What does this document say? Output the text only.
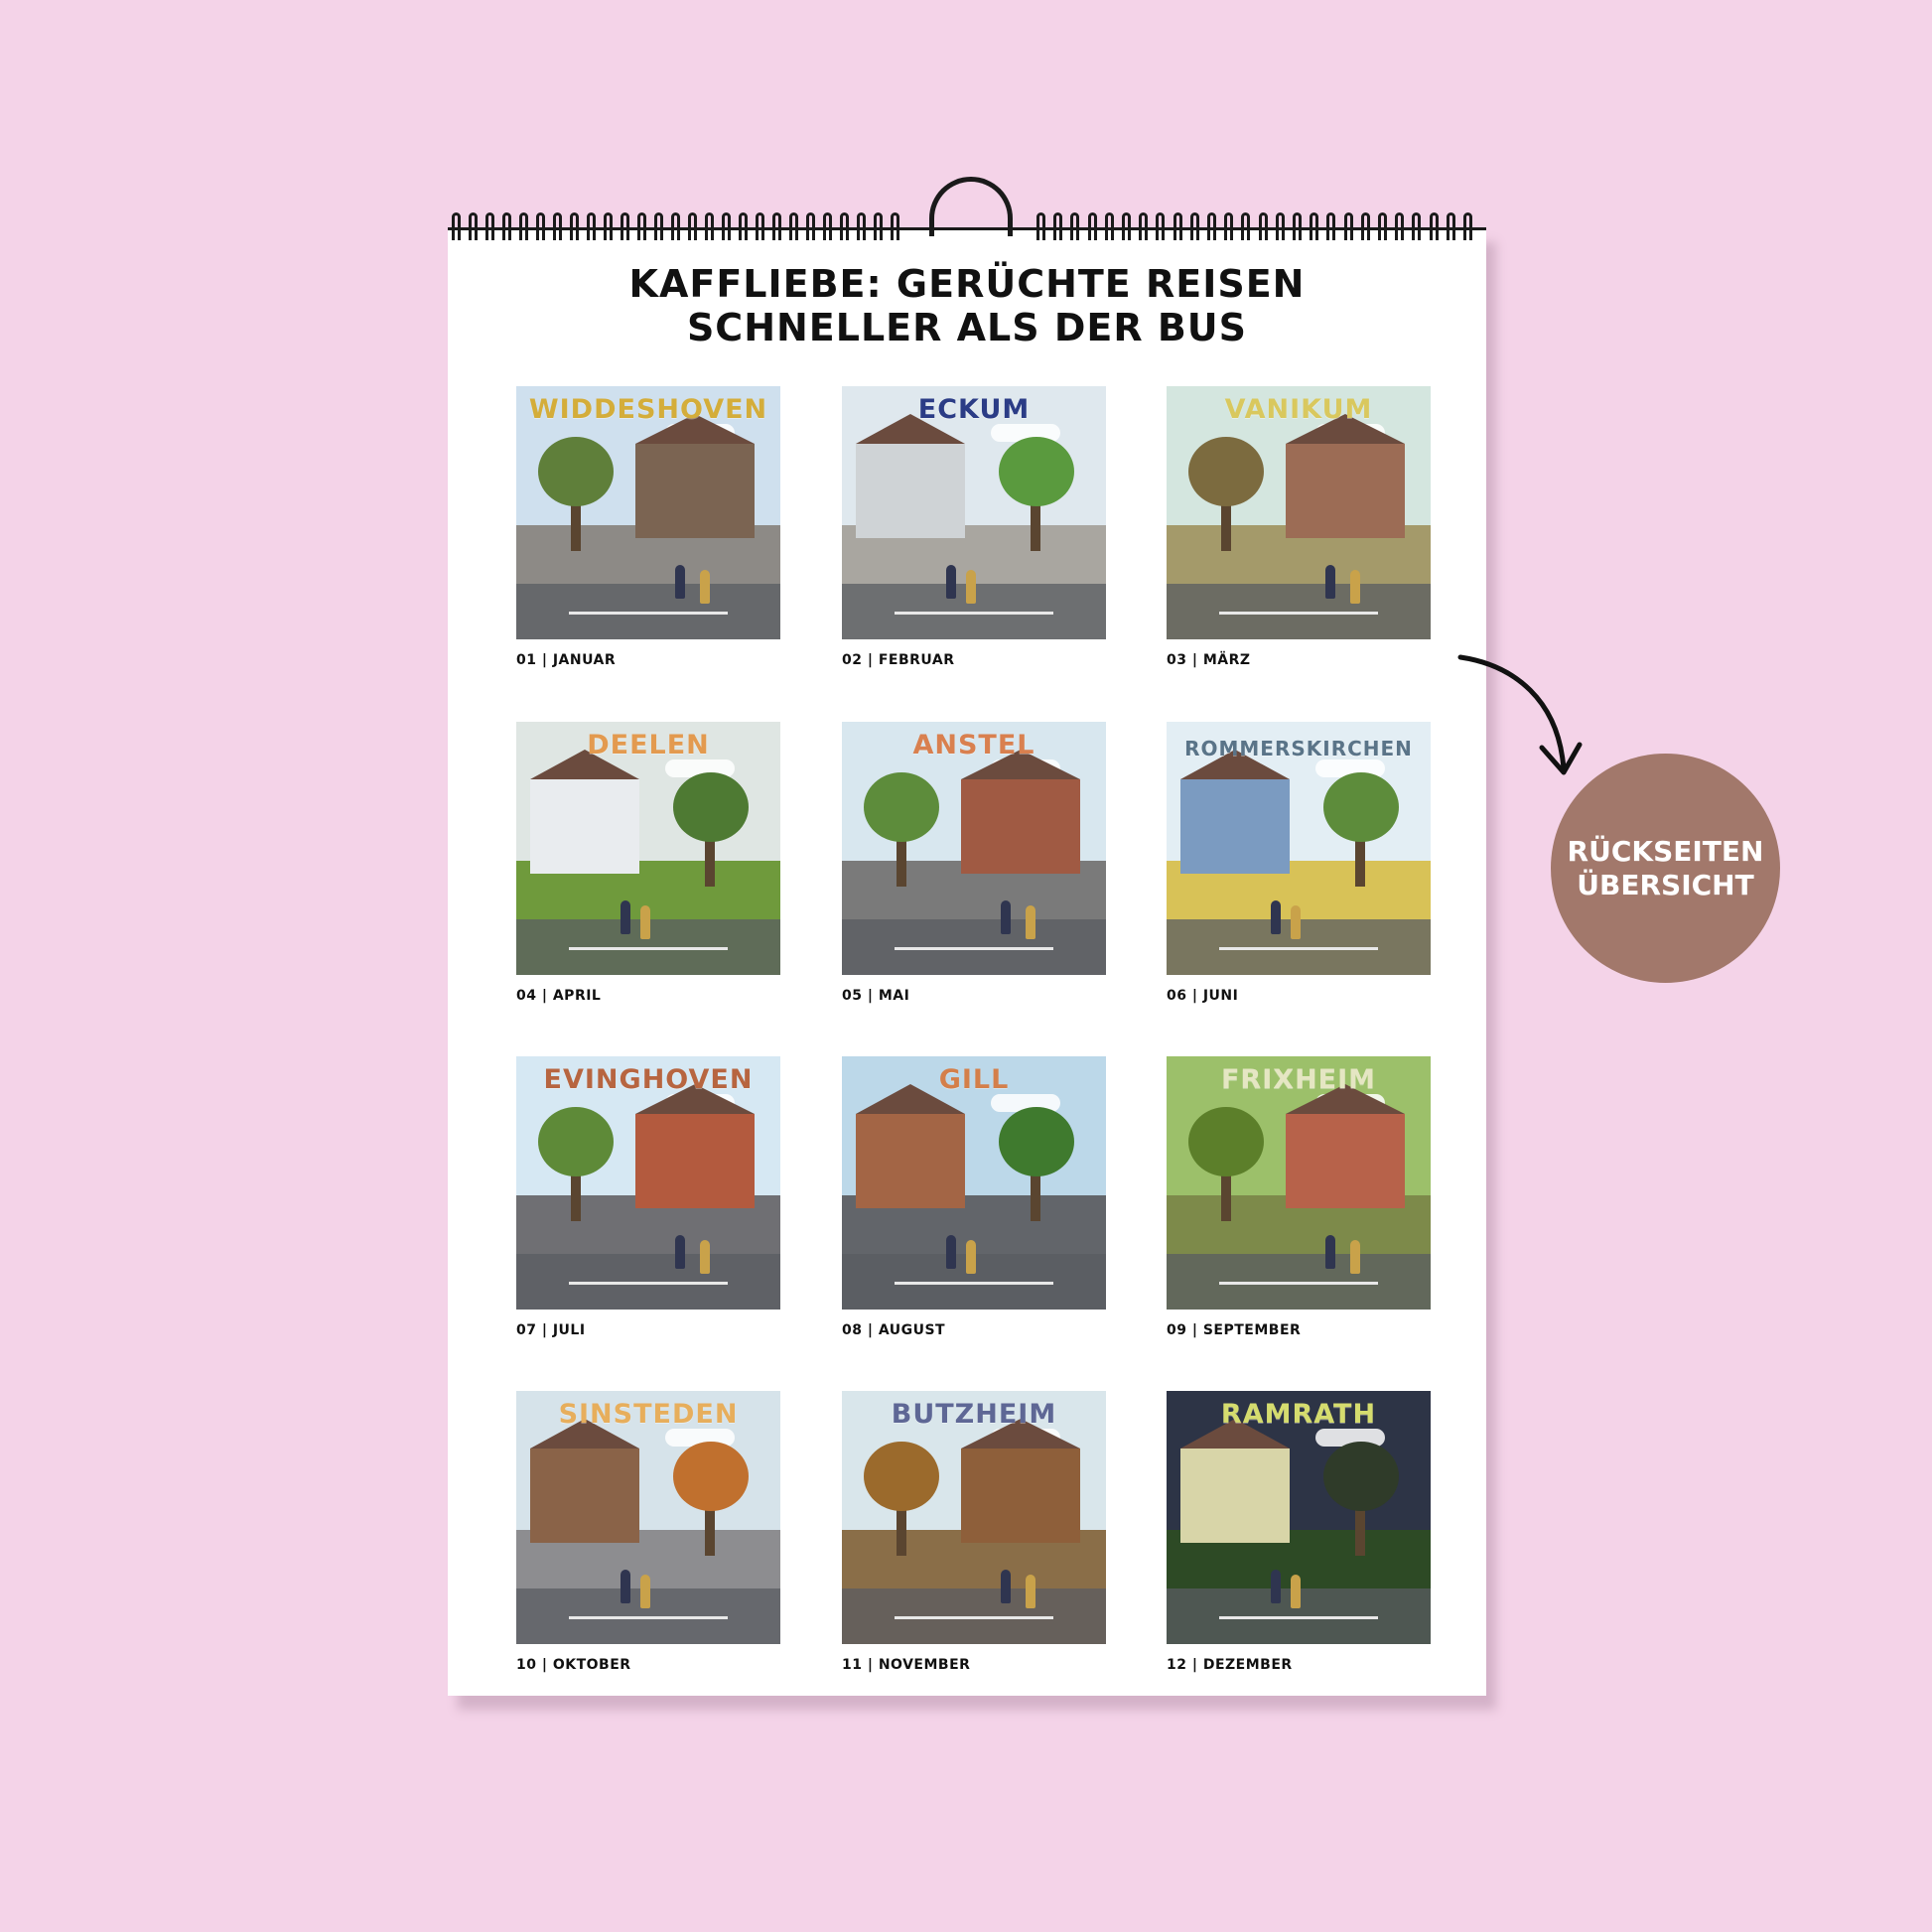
KAFFLIEBE: GERÜCHTE REISEN
SCHNELLER ALS DER BUS
WIDDESHOVEN
01 | JANUAR
ECKUM
02 | FEBRUAR
VANIKUM
03 | MÄRZ
DEELEN
04 | APRIL
ANSTEL
05 | MAI
ROMMERSKIRCHEN
06 | JUNI
EVINGHOVEN
07 | JULI
GILL
08 | AUGUST
FRIXHEIM
09 | SEPTEMBER
SINSTEDEN
10 | OKTOBER
BUTZHEIM
11 | NOVEMBER
RAMRATH
12 | DEZEMBER
RÜCKSEITEN
ÜBERSICHT
